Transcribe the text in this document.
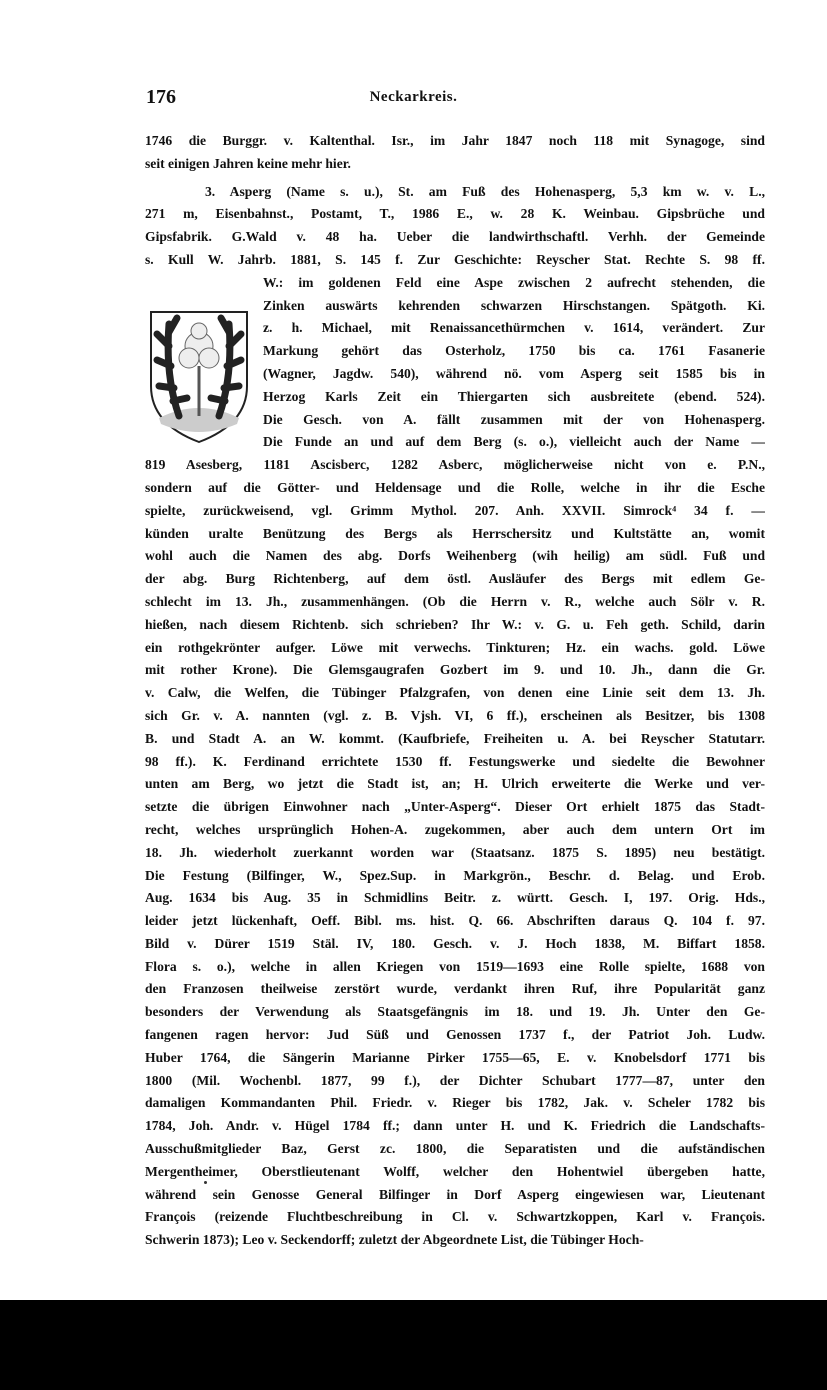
176	Neckarkreis.
1746 die Burggr. v. Kaltenthal. Isr., im Jahr 1847 noch 118 mit Synagoge, sind
seit einigen Jahren keine mehr hier.
3. Asperg (Name s. u.), St. am Fuß des Hohenasperg, 5,3 km w. v. L.,
271 m, Eisenbahnst., Postamt, T., 1986 E., w. 28 K. Weinbau. Gipsbrüche und
Gipsfabrik. G.Wald v. 48 ha. Ueber die landwirthschaftl. Verhh. der Gemeinde
s. Kull W. Jahrb. 1881, S. 145 f. Zur Geschichte: Reyscher Stat. Rechte S. 98 ff.
W.: im goldenen Feld eine Aspe zwischen 2 aufrecht stehenden, die
Zinken auswärts kehrenden schwarzen Hirschstangen. Spätgoth. Ki.
z. h. Michael, mit Renaissancethürmchen v. 1614, verändert. Zur
Markung gehört das Osterholz, 1750 bis ca. 1761 Fasanerie
(Wagner, Jagdw. 540), während nö. vom Asperg seit 1585 bis in
Herzog Karls Zeit ein Thiergarten sich ausbreitete (ebend. 524).
Die Gesch. von A. fällt zusammen mit der von Hohenasperg.
Die Funde an und auf dem Berg (s. o.), vielleicht auch der Name —
819 Asesberg, 1181 Ascisberc, 1282 Asberc, möglicherweise nicht von e. P.N.,
sondern auf die Götter- und Heldensage und die Rolle, welche in ihr die Esche
spielte, zurückweisend, vgl. Grimm Mythol. 207. Anh. XXVII. Simrock⁴ 34 f. —
künden uralte Benützung des Bergs als Herrschersitz und Kultstätte an, womit
wohl auch die Namen des abg. Dorfs Weihenberg (wih heilig) am südl. Fuß und
der abg. Burg Richtenberg, auf dem östl. Ausläufer des Bergs mit edlem Ge-
schlecht im 13. Jh., zusammenhängen. (Ob die Herrn v. R., welche auch Sölr v. R.
hießen, nach diesem Richtenb. sich schrieben? Ihr W.: v. G. u. Feh geth. Schild, darin
ein rothgekrönter aufger. Löwe mit verwechs. Tinkturen; Hz. ein wachs. gold. Löwe
mit rother Krone). Die Glemsgaugrafen Gozbert im 9. und 10. Jh., dann die Gr.
v. Calw, die Welfen, die Tübinger Pfalzgrafen, von denen eine Linie seit dem 13. Jh.
sich Gr. v. A. nannten (vgl. z. B. Vjsh. VI, 6 ff.), erscheinen als Besitzer, bis 1308
B. und Stadt A. an W. kommt. (Kaufbriefe, Freiheiten u. A. bei Reyscher Statutarr.
98 ff.). K. Ferdinand errichtete 1530 ff. Festungswerke und siedelte die Bewohner
unten am Berg, wo jetzt die Stadt ist, an; H. Ulrich erweiterte die Werke und ver-
setzte die übrigen Einwohner nach „Unter-Asperg“. Dieser Ort erhielt 1875 das Stadt-
recht, welches ursprünglich Hohen-A. zugekommen, aber auch dem untern Ort im
18. Jh. wiederholt zuerkannt worden war (Staatsanz. 1875 S. 1895) neu bestätigt.
Die Festung (Bilfinger, W., Spez.Sup. in Markgrön., Beschr. d. Belag. und Erob.
Aug. 1634 bis Aug. 35 in Schmidlins Beitr. z. württ. Gesch. I, 197. Orig. Hds.,
leider jetzt lückenhaft, Oeff. Bibl. ms. hist. Q. 66. Abschriften daraus Q. 104 f. 97.
Bild v. Dürer 1519 Stäl. IV, 180. Gesch. v. J. Hoch 1838, M. Biffart 1858.
Flora s. o.), welche in allen Kriegen von 1519—1693 eine Rolle spielte, 1688 von
den Franzosen theilweise zerstört wurde, verdankt ihren Ruf, ihre Popularität ganz
besonders der Verwendung als Staatsgefängnis im 18. und 19. Jh. Unter den Ge-
fangenen ragen hervor: Jud Süß und Genossen 1737 f., der Patriot Joh. Ludw.
Huber 1764, die Sängerin Marianne Pirker 1755—65, E. v. Knobelsdorf 1771 bis
1800 (Mil. Wochenbl. 1877, 99 f.), der Dichter Schubart 1777—87, unter den
damaligen Kommandanten Phil. Friedr. v. Rieger bis 1782, Jak. v. Scheler 1782 bis
1784, Joh. Andr. v. Hügel 1784 ff.; dann unter H. und K. Friedrich die Landschafts-
Ausschußmitglieder Baz, Gerst zc. 1800, die Separatisten und die aufständischen
Mergentheimer, Oberstlieutenant Wolff, welcher den Hohentwiel übergeben hatte,
während sein Genosse General Bilfinger in Dorf Asperg eingewiesen war, Lieutenant
François (reizende Fluchtbeschreibung in Cl. v. Schwartzkoppen, Karl v. François.
Schwerin 1873); Leo v. Seckendorff; zuletzt der Abgeordnete List, die Tübinger Hoch-
